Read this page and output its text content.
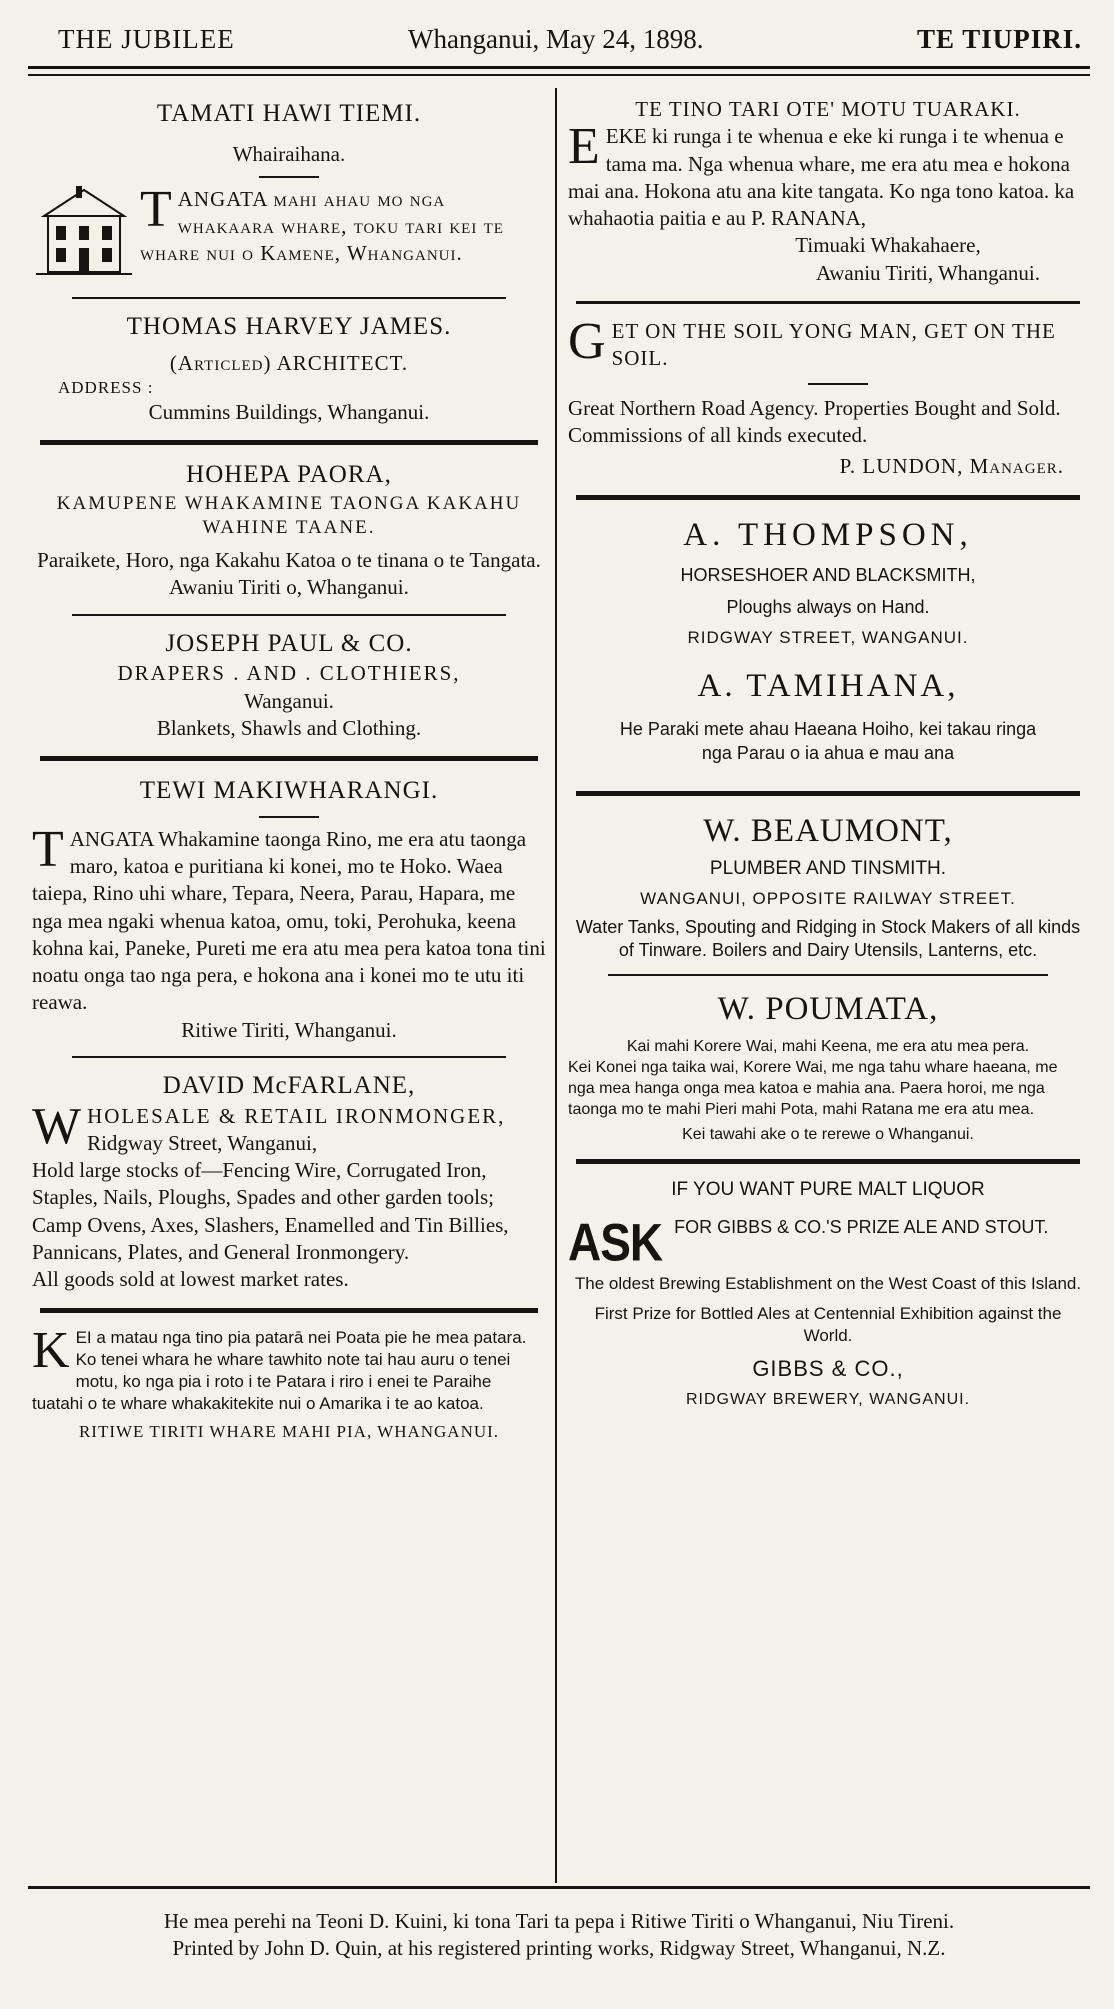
THE JUBILEE	Whanganui, May 24, 1898.	TE TIUPIRI.

TAMATI HAWI TIEMI.

Whairaihana.

T ANGATA mahi ahau mo nga whakaara whare, toku tari kei te whare nui o Kamene, Whanganui.

THOMAS HARVEY JAMES.

(Articled) ARCHITECT.

ADDRESS :

Cummins Buildings, Whanganui.

HOHEPA PAORA,

KAMUPENE WHAKAMINE TAONGA KAKAHU

WAHINE TAANE.

Paraikete, Horo, nga Kakahu Katoa o te tinana o te Tangata.

Awaniu Tiriti o, Whanganui.

JOSEPH PAUL & CO.

DRAPERS . AND . CLOTHIERS,

Wanganui.

Blankets, Shawls and Clothing.

TEWI MAKIWHARANGI.

T ANGATA Whakamine taonga Rino, me era atu taonga maro, katoa e puritiana ki konei, mo te Hoko. Waea taiepa, Rino uhi whare, Tepara, Neera, Parau, Hapara, me nga mea ngaki whenua katoa, omu, toki, Perohuka, keena kohna kai, Paneke, Pureti me era atu mea pera katoa tona tini noatu onga tao nga pera, e hokona ana i konei mo te utu iti reawa.

Ritiwe Tiriti, Whanganui.

DAVID McFARLANE,

W HOLESALE & RETAIL IRONMONGER,
Ridgway Street, Wanganui,

Hold large stocks of—Fencing Wire, Corrugated Iron, Staples, Nails, Ploughs, Spades and other garden tools; Camp Ovens, Axes, Slashers, Enamelled and Tin Billies, Pannicans, Plates, and General Ironmongery.

All goods sold at lowest market rates.

K EI a matau nga tino pia patarā nei Poata pie he mea patara. Ko tenei whara he whare tawhito note tai hau auru o tenei motu, ko nga pia i roto i te Patara i riro i enei te Paraihe tuatahi o te whare whakakitekite nui o Amarika i te ao katoa.

RITIWE TIRITI WHARE MAHI PIA, WHANGANUI.

TE TINO TARI OTE' MOTU TUARAKI.

E EKE ki runga i te whenua e eke ki runga i te whenua e tama ma. Nga whenua whare, me era atu mea e hokona mai ana. Hokona atu ana kite tangata. Ko nga tono katoa. ka whahaotia paitia e au P. RANANA,

Timuaki Whakahaere,

Awaniu Tiriti, Whanganui.

G ET ON THE SOIL YONG MAN, GET ON THE SOIL.

Great Northern Road Agency. Properties Bought and Sold. Commissions of all kinds executed.

P. LUNDON, Manager.

A. THOMPSON,

HORSESHOER AND BLACKSMITH,

Ploughs always on Hand.

RIDGWAY STREET, WANGANUI.

A. TAMIHANA,

He Paraki mete ahau Haeana Hoiho, kei takau ringa nga Parau o ia ahua e mau ana

W. BEAUMONT,

PLUMBER AND TINSMITH.

WANGANUI, OPPOSITE RAILWAY STREET.

Water Tanks, Spouting and Ridging in Stock Makers of all kinds of Tinware. Boilers and Dairy Utensils, Lanterns, etc.

W. POUMATA,

Kai mahi Korere Wai, mahi Keena, me era atu mea pera.

Kei Konei nga taika wai, Korere Wai, me nga tahu whare haeana, me nga mea hanga onga mea katoa e mahia ana. Paera horoi, me nga taonga mo te mahi Pieri mahi Pota, mahi Ratana me era atu mea.

Kei tawahi ake o te rerewe o Whanganui.

IF YOU WANT PURE MALT LIQUOR

ASK FOR GIBBS & CO.'S PRIZE ALE AND STOUT.

The oldest Brewing Establishment on the West Coast of this Island.

First Prize for Bottled Ales at Centennial Exhibition against the World.

GIBBS & CO.,

RIDGWAY BREWERY, WANGANUI.

He mea perehi na Teoni D. Kuini, ki tona Tari ta pepa i Ritiwe Tiriti o Whanganui, Niu Tireni.

Printed by John D. Quin, at his registered printing works, Ridgway Street, Whanganui, N.Z.
